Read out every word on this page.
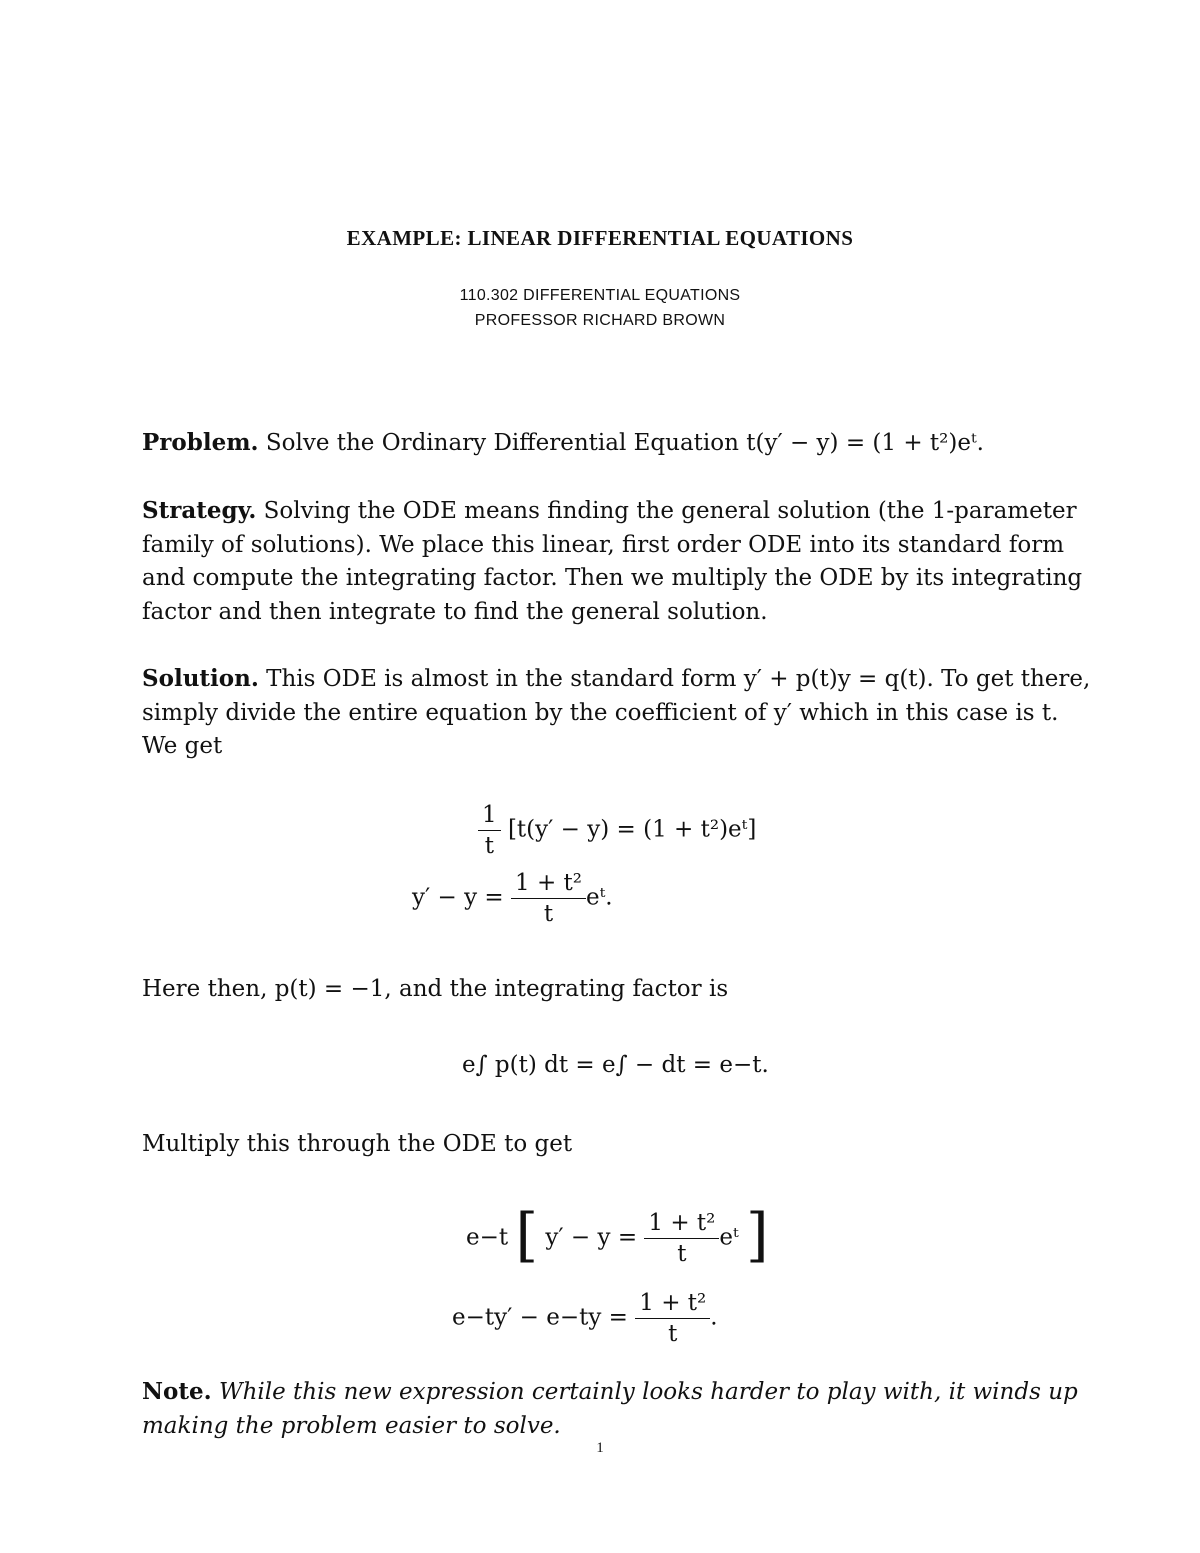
EXAMPLE: LINEAR DIFFERENTIAL EQUATIONS
110.302 DIFFERENTIAL EQUATIONS
PROFESSOR RICHARD BROWN
Problem. Solve the Ordinary Differential Equation t(y′ − y) = (1 + t²)eᵗ.
Strategy. Solving the ODE means finding the general solution (the 1-parameter family of solutions). We place this linear, first order ODE into its standard form and compute the integrating factor. Then we multiply the ODE by its integrating factor and then integrate to find the general solution.
Solution. This ODE is almost in the standard form y′ + p(t)y = q(t). To get there, simply divide the entire equation by the coefficient of y′ which in this case is t. We get
$\frac{1}{t} [t(y' - y) = (1$ + t²)eᵗ]
$y' - y = \frac{\text{1 + t²}}{t}$ eᵗ.
Here then, p(t) = −1, and the integrating factor is
e∫ p(t) dt = e∫ − dt = e−t.
Multiply this through the ODE to get
e−t [ $y' - y = \frac{\text{1 + t²}}{t}$ eᵗ ]
$e-ty' - e-ty = \frac{\text{1 + t²}}{t}$ .
Note. While this new expression certainly looks harder to play with, it winds up making the problem easier to solve.
1
